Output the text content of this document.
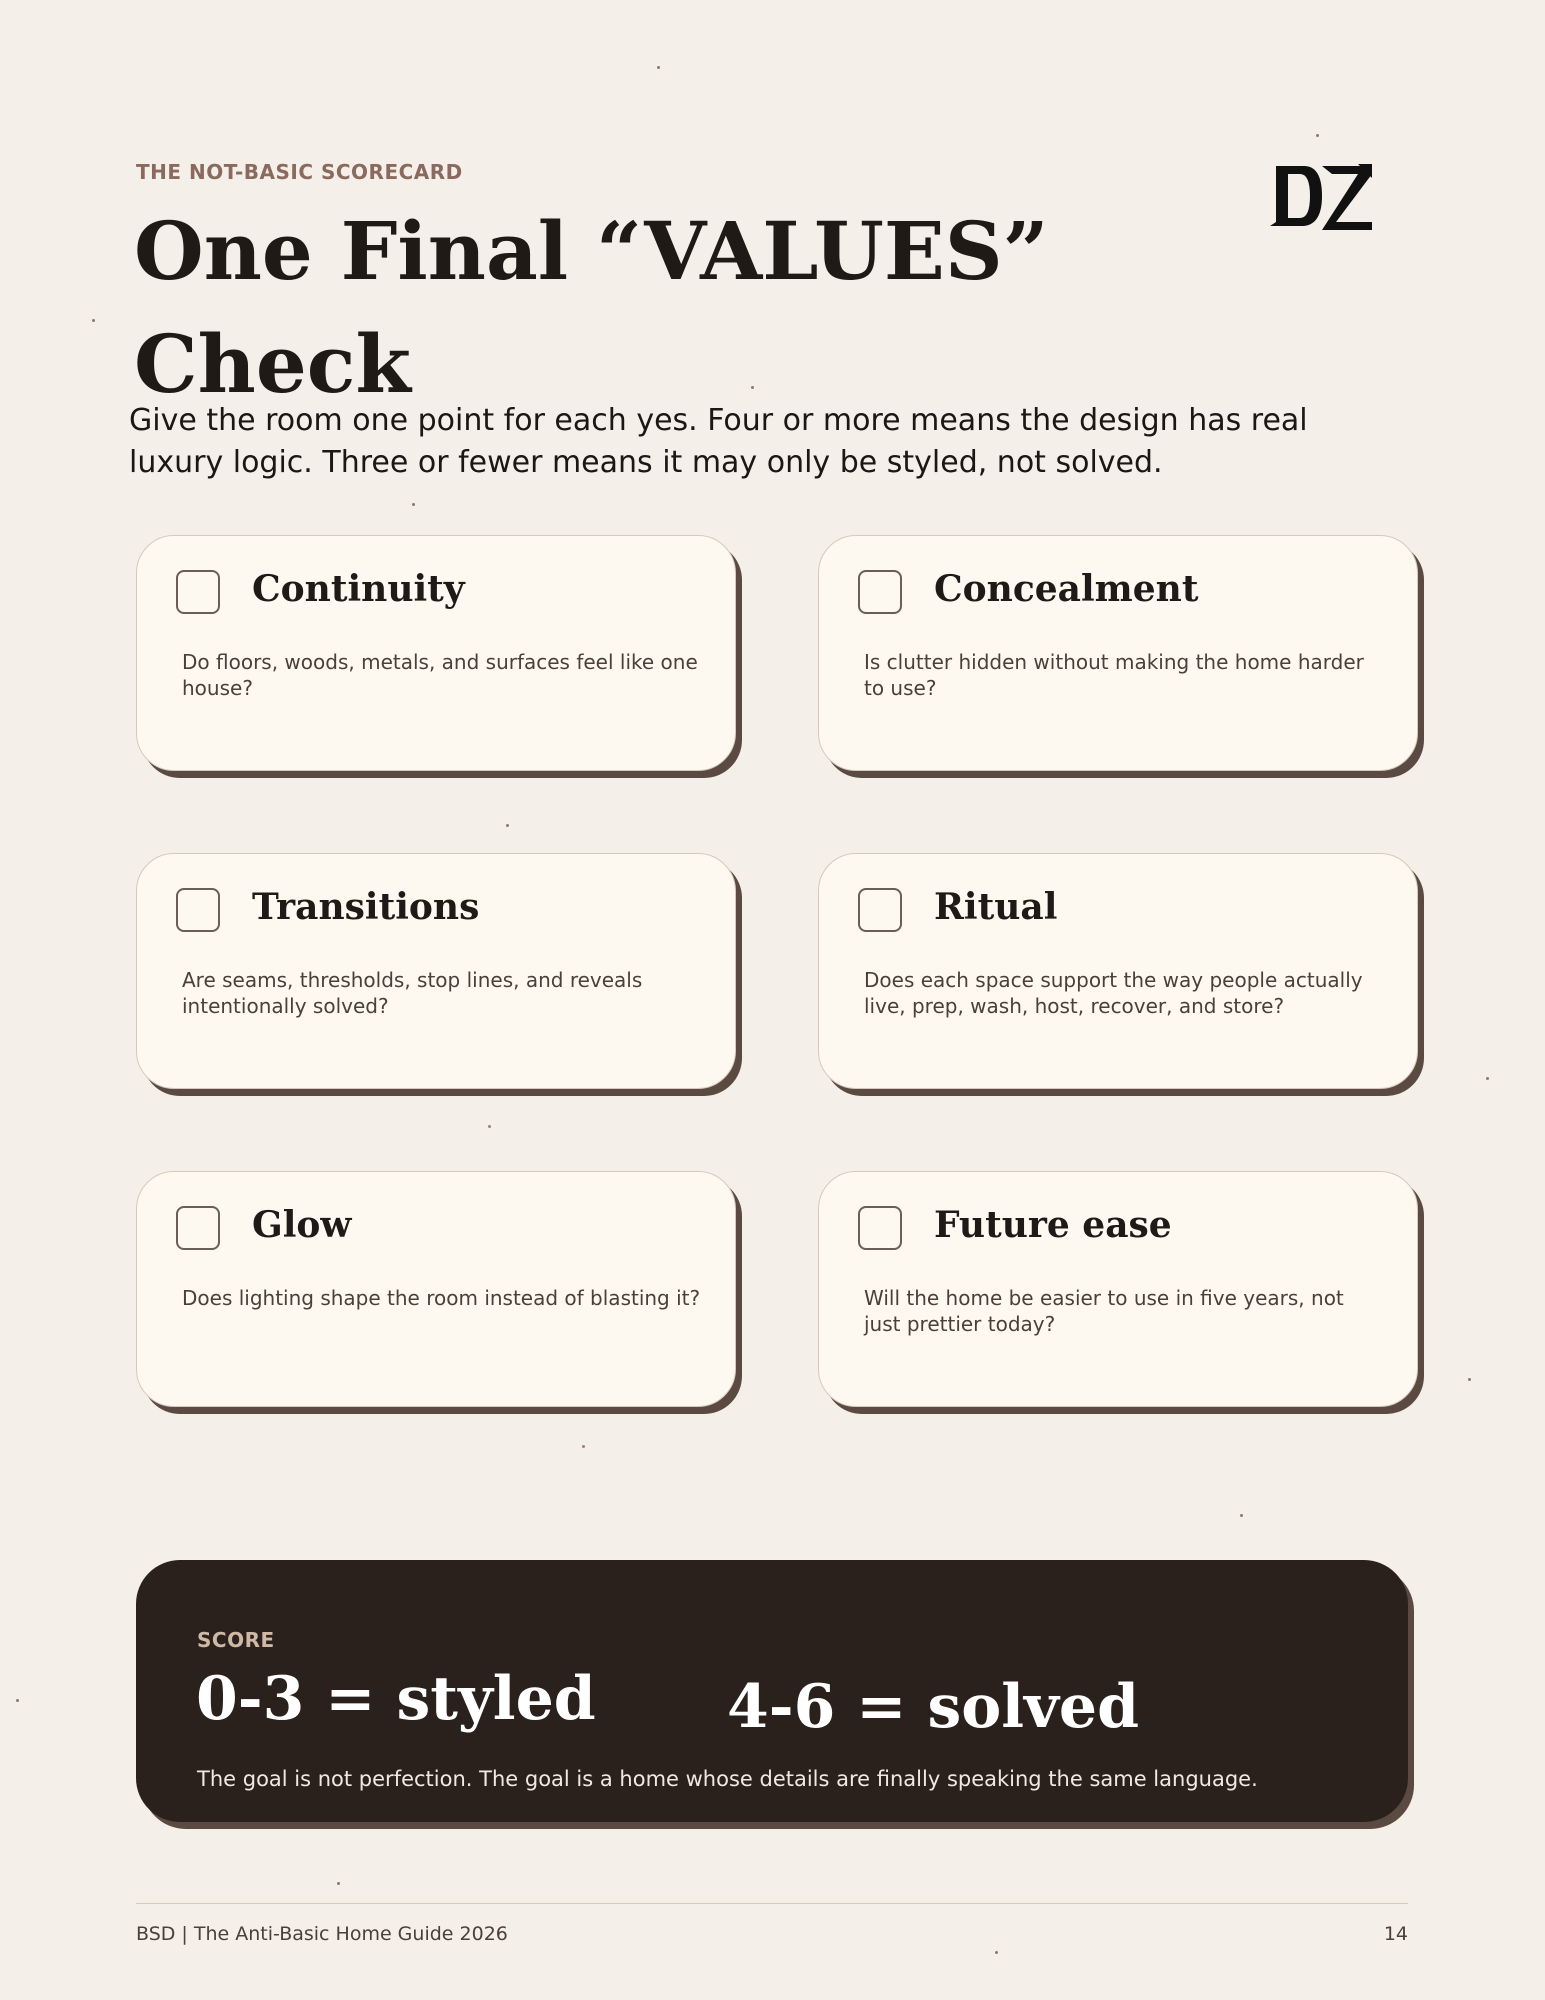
THE NOT-BASIC SCORECARD
One Final “VALUES” Check
Give the room one point for each yes. Four or more means the design has real luxury logic. Three or fewer means it may only be styled, not solved.
Continuity
Do floors, woods, metals, and surfaces feel like one house?
Concealment
Is clutter hidden without making the home harder to use?
Transitions
Are seams, thresholds, stop lines, and reveals intentionally solved?
Ritual
Does each space support the way people actually live, prep, wash, host, recover, and store?
Glow
Does lighting shape the room instead of blasting it?
Future ease
Will the home be easier to use in five years, not just prettier today?
SCORE
0-3 = styled 4-6 = solved
The goal is not perfection. The goal is a home whose details are finally speaking the same language.
BSD | The Anti-Basic Home Guide 2026	14
